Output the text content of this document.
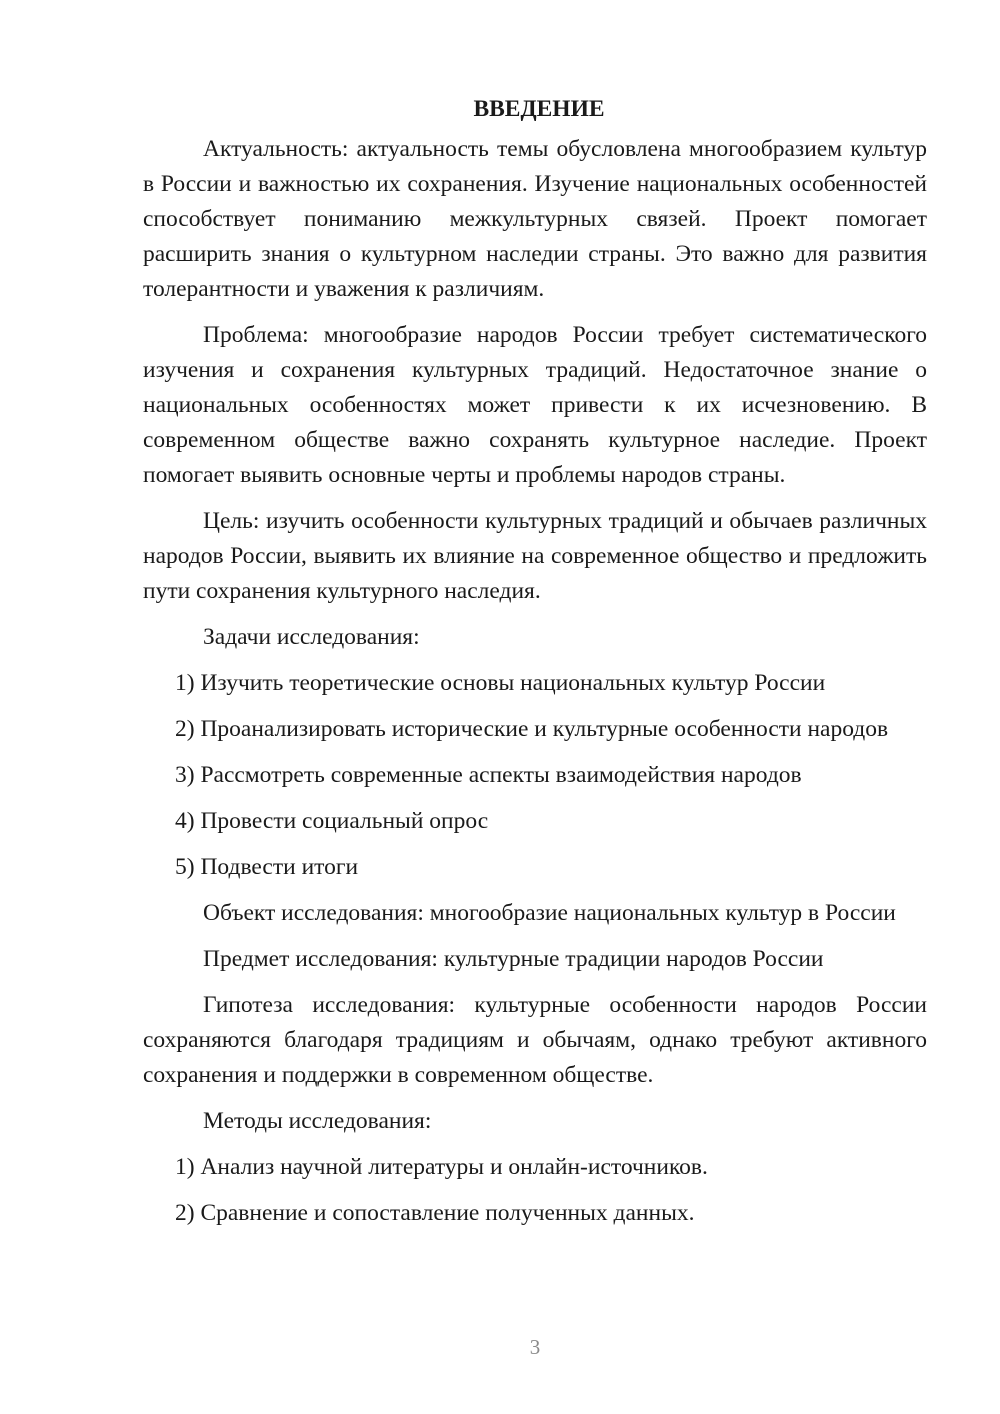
ВВЕДЕНИЕ

Актуальность: актуальность темы обусловлена многообразием культур в России и важностью их сохранения. Изучение национальных особенностей способствует пониманию межкультурных связей. Проект помогает расширить знания о культурном наследии страны. Это важно для развития толерантности и уважения к различиям.

Проблема: многообразие народов России требует систематического изучения и сохранения культурных традиций. Недостаточное знание о национальных особенностях может привести к их исчезновению. В современном обществе важно сохранять культурное наследие. Проект помогает выявить основные черты и проблемы народов страны.

Цель: изучить особенности культурных традиций и обычаев различных народов России, выявить их влияние на современное общество и предложить пути сохранения культурного наследия.

Задачи исследования:
1) Изучить теоретические основы национальных культур России
2) Проанализировать исторические и культурные особенности народов
3) Рассмотреть современные аспекты взаимодействия народов
4) Провести социальный опрос
5) Подвести итоги

Объект исследования: многообразие национальных культур в России

Предмет исследования: культурные традиции народов России

Гипотеза исследования: культурные особенности народов России сохраняются благодаря традициям и обычаям, однако требуют активного сохранения и поддержки в современном обществе.

Методы исследования:
1) Анализ научной литературы и онлайн-источников.
2) Сравнение и сопоставление полученных данных.
3
